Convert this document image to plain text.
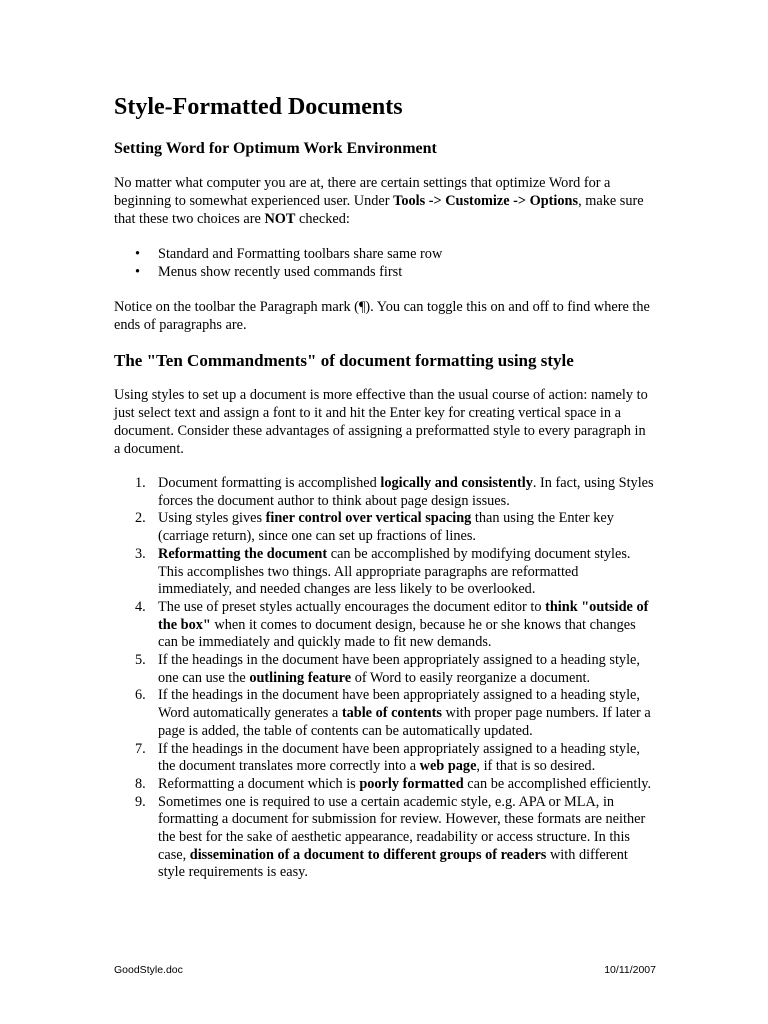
Style-Formatted Documents
Setting Word for Optimum Work Environment

No matter what computer you are at, there are certain settings that optimize Word for a beginning to somewhat experienced user. Under Tools -> Customize -> Options, make sure that these two choices are NOT checked:

• Standard and Formatting toolbars share same row
• Menus show recently used commands first

Notice on the toolbar the Paragraph mark (¶). You can toggle this on and off to find where the ends of paragraphs are.

The "Ten Commandments" of document formatting using style

Using styles to set up a document is more effective than the usual course of action: namely to just select text and assign a font to it and hit the Enter key for creating vertical space in a document. Consider these advantages of assigning a preformatted style to every paragraph in a document.

1. Document formatting is accomplished logically and consistently. In fact, using Styles forces the document author to think about page design issues.
2. Using styles gives finer control over vertical spacing than using the Enter key (carriage return), since one can set up fractions of lines.
3. Reformatting the document can be accomplished by modifying document styles. This accomplishes two things. All appropriate paragraphs are reformatted immediately, and needed changes are less likely to be overlooked.
4. The use of preset styles actually encourages the document editor to think "outside of the box" when it comes to document design, because he or she knows that changes can be immediately and quickly made to fit new demands.
5. If the headings in the document have been appropriately assigned to a heading style, one can use the outlining feature of Word to easily reorganize a document.
6. If the headings in the document have been appropriately assigned to a heading style, Word automatically generates a table of contents with proper page numbers. If later a page is added, the table of contents can be automatically updated.
7. If the headings in the document have been appropriately assigned to a heading style, the document translates more correctly into a web page, if that is so desired.
8. Reformatting a document which is poorly formatted can be accomplished efficiently.
9. Sometimes one is required to use a certain academic style, e.g. APA or MLA, in formatting a document for submission for review. However, these formats are neither the best for the sake of aesthetic appearance, readability or access structure. In this case, dissemination of a document to different groups of readers with different style requirements is easy.
GoodStyle.doc	10/11/2007
